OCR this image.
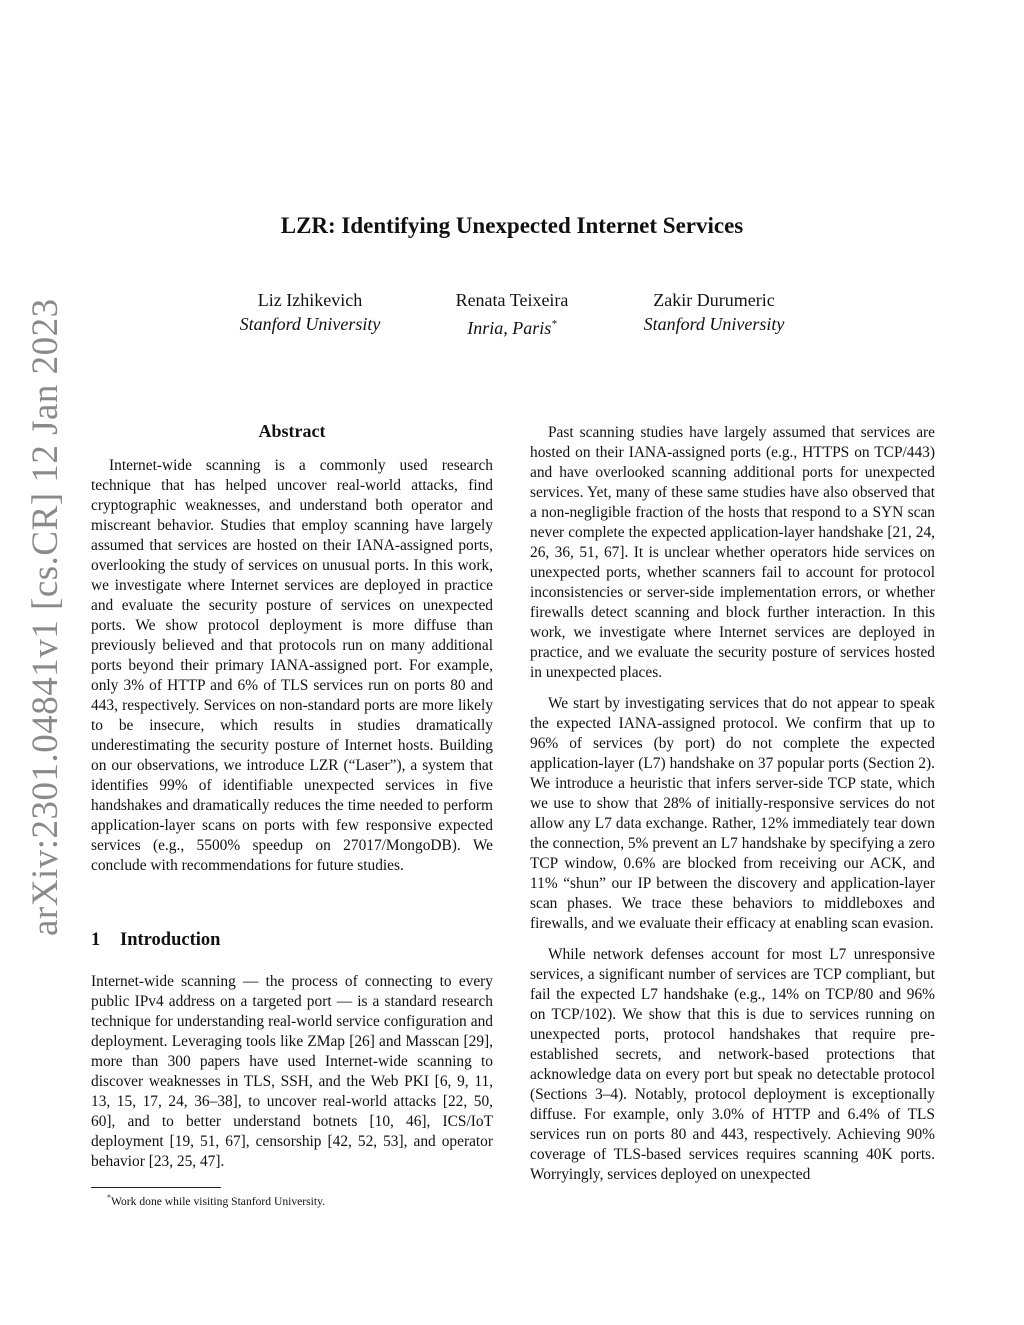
arXiv:2301.04841v1 [cs.CR] 12 Jan 2023
LZR: Identifying Unexpected Internet Services
Liz Izhikevich
Stanford University
Renata Teixeira
Inria, Paris*
Zakir Durumeric
Stanford University
Abstract

Internet-wide scanning is a commonly used research technique that has helped uncover real-world attacks, find cryptographic weaknesses, and understand both operator and miscreant behavior. Studies that employ scanning have largely assumed that services are hosted on their IANA-assigned ports, overlooking the study of services on unusual ports. In this work, we investigate where Internet services are deployed in practice and evaluate the security posture of services on unexpected ports. We show protocol deployment is more diffuse than previously believed and that protocols run on many additional ports beyond their primary IANA-assigned port. For example, only 3% of HTTP and 6% of TLS services run on ports 80 and 443, respectively. Services on non-standard ports are more likely to be insecure, which results in studies dramatically underestimating the security posture of Internet hosts. Building on our observations, we introduce LZR (“Laser”), a system that identifies 99% of identifiable unexpected services in five handshakes and dramatically reduces the time needed to perform application-layer scans on ports with few responsive expected services (e.g., 5500% speedup on 27017/MongoDB). We conclude with recommendations for future studies.

1 Introduction

Internet-wide scanning — the process of connecting to every public IPv4 address on a targeted port — is a standard research technique for understanding real-world service configuration and deployment. Leveraging tools like ZMap [26] and Masscan [29], more than 300 papers have used Internet-wide scanning to discover weaknesses in TLS, SSH, and the Web PKI [6, 9, 11, 13, 15, 17, 24, 36–38], to uncover real-world attacks [22, 50, 60], and to better understand botnets [10, 46], ICS/IoT deployment [19, 51, 67], censorship [42, 52, 53], and operator behavior [23, 25, 47].

*Work done while visiting Stanford University.

Past scanning studies have largely assumed that services are hosted on their IANA-assigned ports (e.g., HTTPS on TCP/443) and have overlooked scanning additional ports for unexpected services. Yet, many of these same studies have also observed that a non-negligible fraction of the hosts that respond to a SYN scan never complete the expected application-layer handshake [21, 24, 26, 36, 51, 67]. It is unclear whether operators hide services on unexpected ports, whether scanners fail to account for protocol inconsistencies or server-side implementation errors, or whether firewalls detect scanning and block further interaction. In this work, we investigate where Internet services are deployed in practice, and we evaluate the security posture of services hosted in unexpected places.

We start by investigating services that do not appear to speak the expected IANA-assigned protocol. We confirm that up to 96% of services (by port) do not complete the expected application-layer (L7) handshake on 37 popular ports (Section 2). We introduce a heuristic that infers server-side TCP state, which we use to show that 28% of initially-responsive services do not allow any L7 data exchange. Rather, 12% immediately tear down the connection, 5% prevent an L7 handshake by specifying a zero TCP window, 0.6% are blocked from receiving our ACK, and 11% “shun” our IP between the discovery and application-layer scan phases. We trace these behaviors to middleboxes and firewalls, and we evaluate their efficacy at enabling scan evasion.

While network defenses account for most L7 unresponsive services, a significant number of services are TCP compliant, but fail the expected L7 handshake (e.g., 14% on TCP/80 and 96% on TCP/102). We show that this is due to services running on unexpected ports, protocol handshakes that require pre-established secrets, and network-based protections that acknowledge data on every port but speak no detectable protocol (Sections 3–4). Notably, protocol deployment is exceptionally diffuse. For example, only 3.0% of HTTP and 6.4% of TLS services run on ports 80 and 443, respectively. Achieving 90% coverage of TLS-based services requires scanning 40K ports. Worryingly, services deployed on unexpected
